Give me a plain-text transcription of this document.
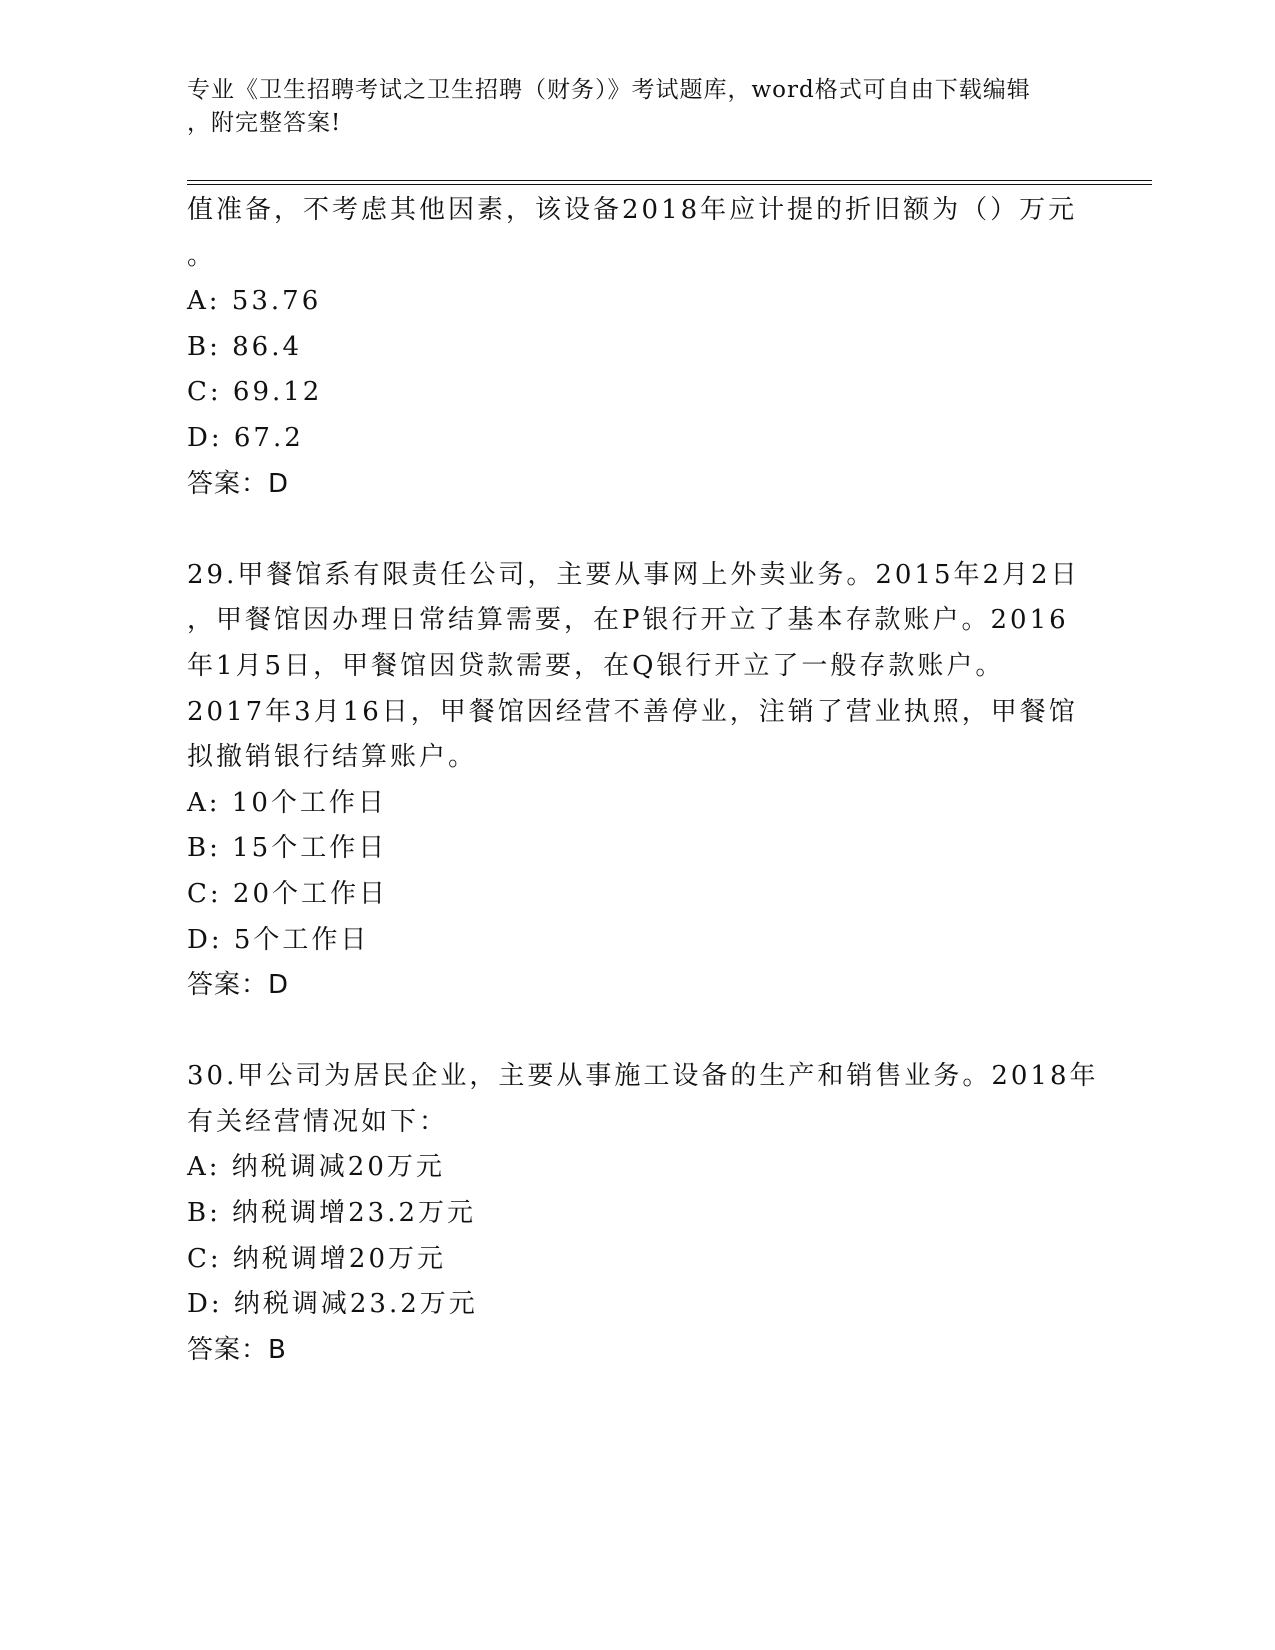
专业《卫生招聘考试之卫生招聘（财务）》考试题库，word格式可自由下载编辑
，附完整答案!
值准备，不考虑其他因素，该设备2018年应计提的折旧额为（）万元
。
A: 53.76
B: 86.4
C: 69.12
D: 67.2
答案：D
29.甲餐馆系有限责任公司，主要从事网上外卖业务。2015年2月2日
，甲餐馆因办理日常结算需要，在P银行开立了基本存款账户。2016
年1月5日，甲餐馆因贷款需要，在Q银行开立了一般存款账户。
2017年3月16日，甲餐馆因经营不善停业，注销了营业执照，甲餐馆
拟撤销银行结算账户。
A: 10个工作日
B: 15个工作日
C: 20个工作日
D: 5个工作日
答案：D
30.甲公司为居民企业，主要从事施工设备的生产和销售业务。2018年
有关经营情况如下：
A: 纳税调减20万元
B: 纳税调增23.2万元
C: 纳税调增20万元
D: 纳税调减23.2万元
答案：B
